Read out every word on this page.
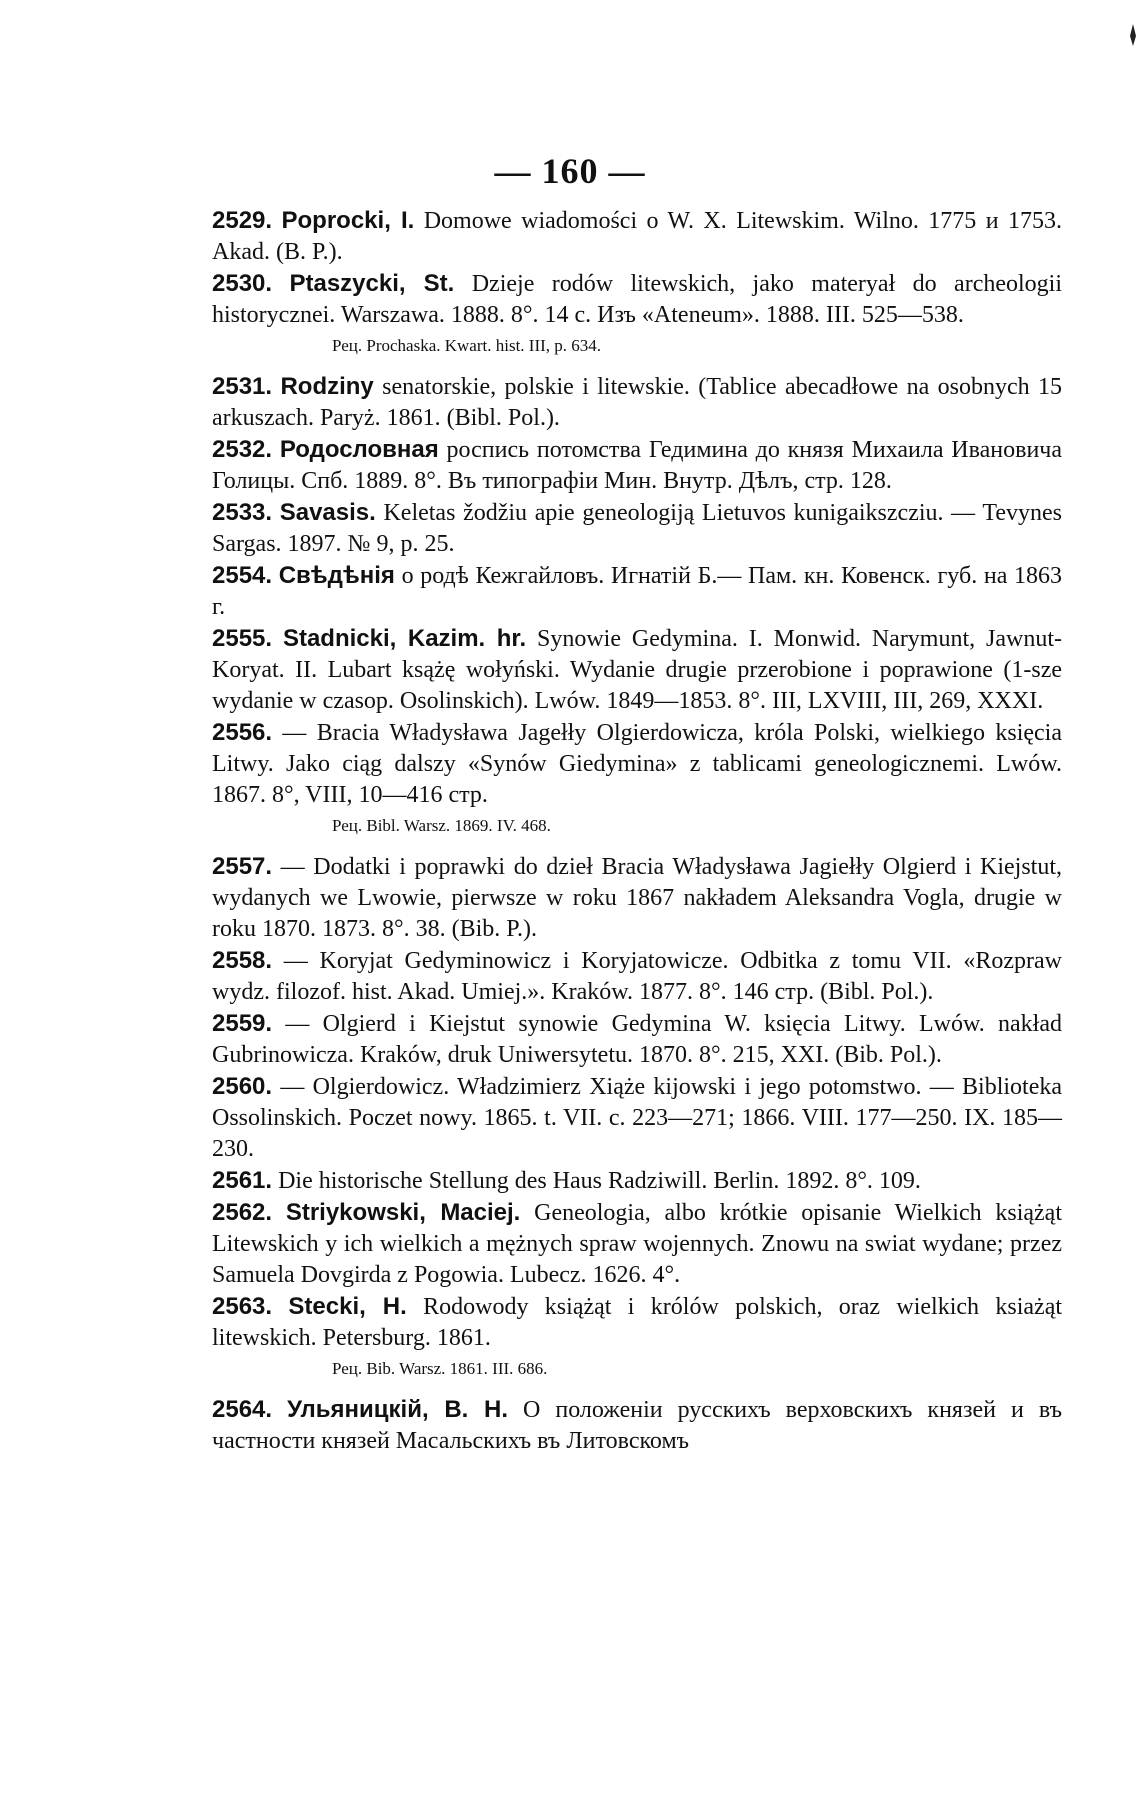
— 160 —

2529. Poprocki, I. Domowe wiadomości o W. X. Litewskim. Wilno. 1775 и 1753. Akad. (B. P.).

2530. Ptaszycki, St. Dzieje rodów litewskich, jako materyał do archeologii historycznei. Warszawa. 1888. 8°. 14 с. Изъ «Ateneum». 1888. III. 525—538.

Рец. Prochaska. Kwart. hist. III, p. 634.

2531. Rodziny senatorskie, polskie i litewskie. (Tablice abecadłowe na osobnych 15 arkuszach. Paryż. 1861. (Bibl. Pol.).

2532. Родословная роспись потомства Гедимина до князя Михаила Ивановича Голицы. Спб. 1889. 8°. Въ типографіи Мин. Внутр. Дѣлъ, стр. 128.

2533. Savasis. Keletas žodžiu apie geneologiją Lietuvos kunigaikszcziu. — Tevynes Sargas. 1897. № 9, p. 25.

2554. Свѣдѣнія о родѣ Кежгайловъ. Игнатій Б.— Пам. кн. Ковенск. губ. на 1863 г.

2555. Stadnicki, Kazim. hr. Synowie Gedymina. I. Monwid. Narymunt, Jawnut-Koryat. II. Lubart ksążę wołyński. Wydanie drugie przerobione i poprawione (1-sze wydanie w czasop. Osolinskich). Lwów. 1849—1853. 8°. III, LXVIII, III, 269, XXXI.

2556. — Bracia Władysława Jagełły Olgierdowicza, króla Polski, wielkiego księcia Litwy. Jako ciąg dalszy «Synów Giedymina» z tablicami geneologicznemi. Lwów. 1867. 8°, VIII, 10—416 стр.

Рец. Bibl. Warsz. 1869. IV. 468.

2557. — Dodatki i poprawki do dzieł Bracia Władysława Jagiełły Olgierd i Kiejstut, wydanych we Lwowie, pierwsze w roku 1867 nakładem Aleksandra Vogla, drugie w roku 1870. 1873. 8°. 38. (Bib. P.).

2558. — Koryjat Gedyminowicz i Koryjatowicze. Odbitka z tomu VII. «Rozpraw wydz. filozof. hist. Akad. Umiej.». Kraków. 1877. 8°. 146 стр. (Bibl. Pol.).

2559. — Olgierd i Kiejstut synowie Gedymina W. księcia Litwy. Lwów. nakład Gubrinowicza. Kraków, druk Uniwersytetu. 1870. 8°. 215, XXI. (Bib. Pol.).

2560. — Olgierdowicz. Władzimierz Xiąże kijowski i jego potomstwo. — Biblioteka Ossolinskich. Poczet nowy. 1865. t. VII. c. 223—271; 1866. VIII. 177—250. IX. 185—230.

2561. Die historische Stellung des Haus Radziwill. Berlin. 1892. 8°. 109.

2562. Striykowski, Maciej. Geneologia, albo krótkie opisanie Wielkich książąt Litewskich y ich wielkich a mężnych spraw wojennych. Znowu na swiat wydane; przez Samuela Dovgirda z Pogowia. Lubecz. 1626. 4°.

2563. Stecki, H. Rodowody książąt i królów polskich, oraz wielkich ksiażąt litewskich. Petersburg. 1861.

Рец. Bib. Warsz. 1861. III. 686.

2564. Ульяницкій, В. Н. О положеніи русскихъ верховскихъ князей и въ частности князей Масальскихъ въ Литовскомъ
